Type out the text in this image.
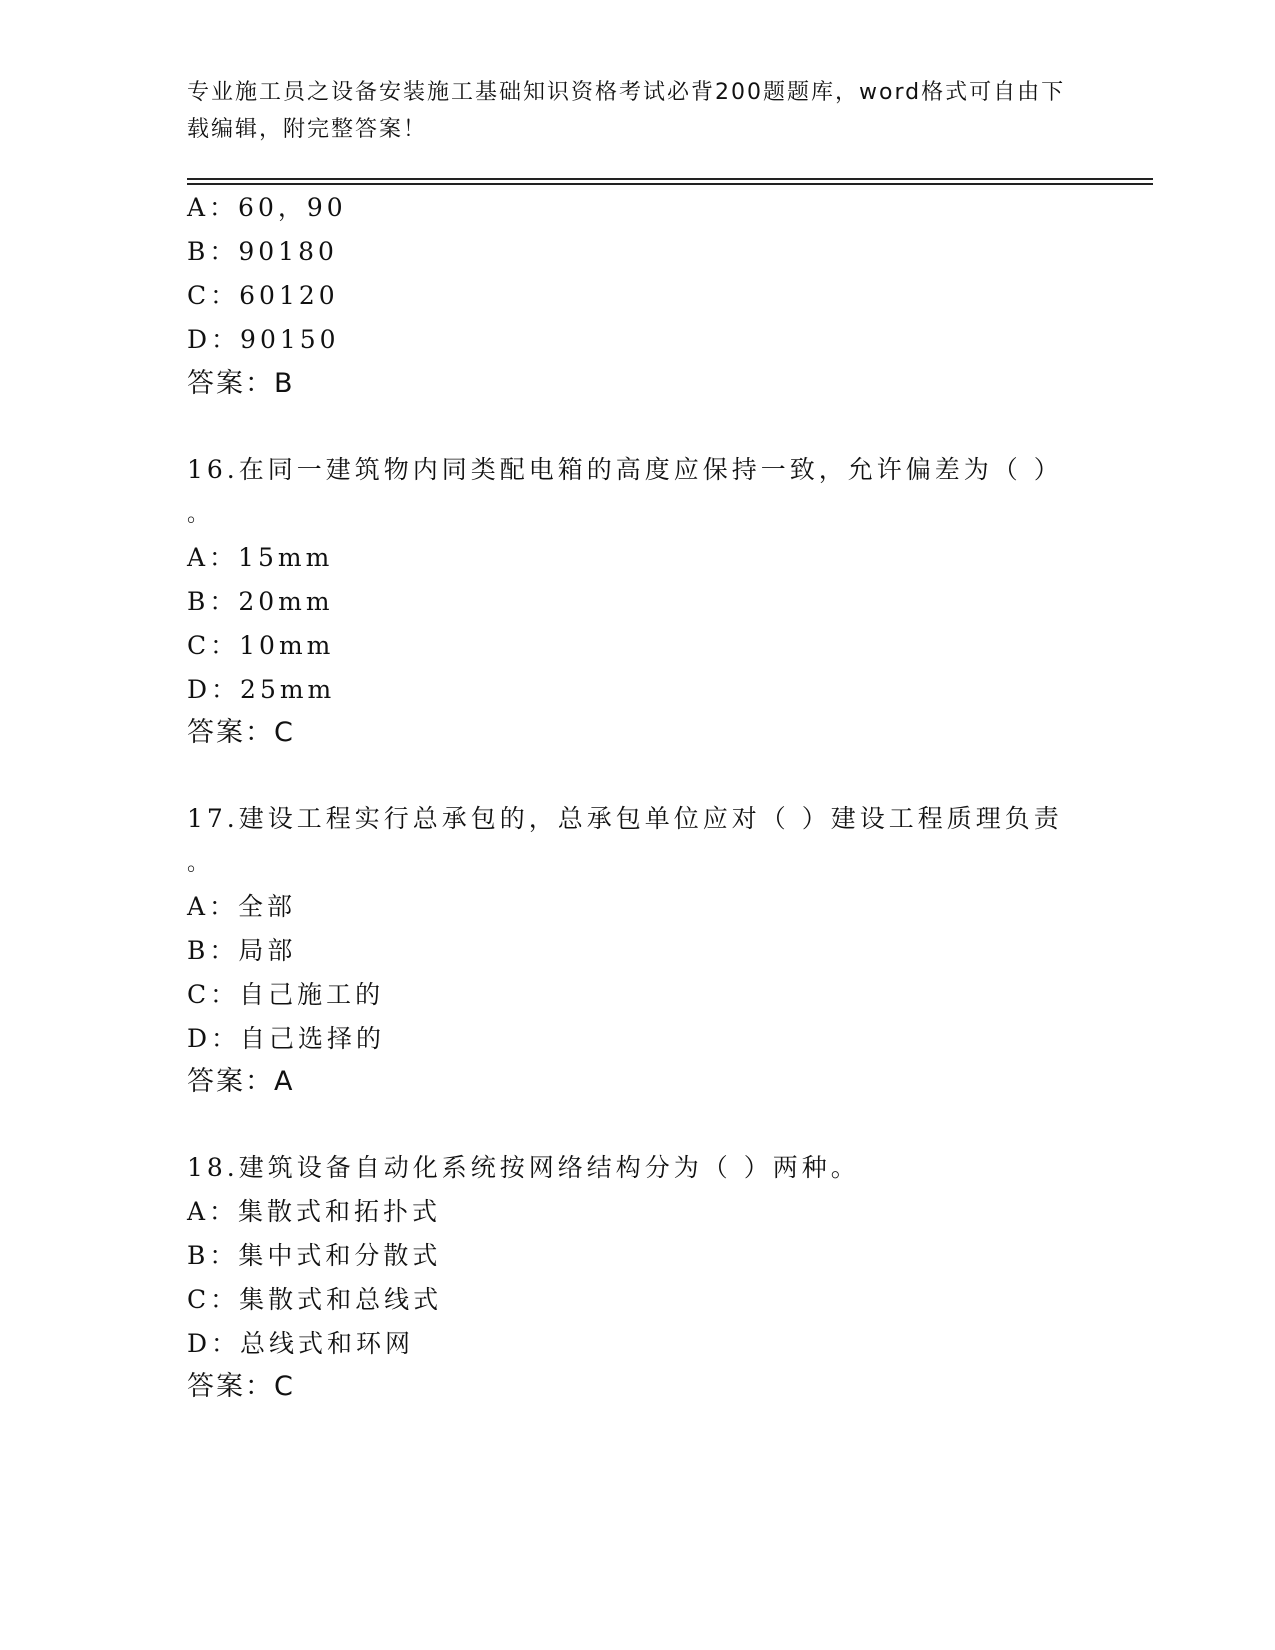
专业施工员之设备安装施工基础知识资格考试必背200题题库，word格式可自由下载编辑，附完整答案！
A：60，90
B：90180
C：60120
D：90150
答案：B
16.在同一建筑物内同类配电箱的高度应保持一致，允许偏差为（ ）
。
A：15mm
B：20mm
C：10mm
D：25mm
答案：C
17.建设工程实行总承包的，总承包单位应对（ ）建设工程质理负责
。
A：全部
B：局部
C：自己施工的
D：自己选择的
答案：A
18.建筑设备自动化系统按网络结构分为（ ）两种。
A：集散式和拓扑式
B：集中式和分散式
C：集散式和总线式
D：总线式和环网
答案：C
